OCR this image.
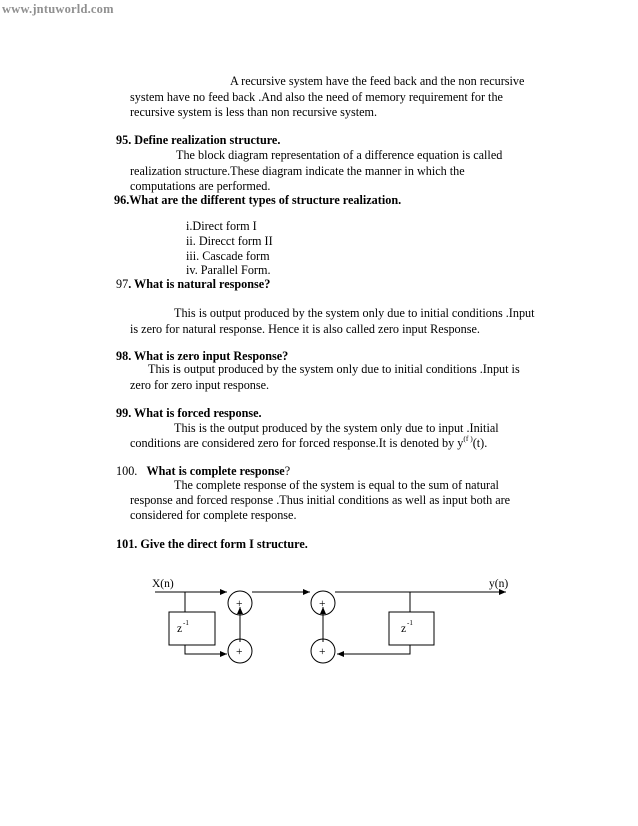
www.jntuworld.com
A recursive system have the feed back and the non recursive
system have no feed back .And also the need of memory requirement for the
recursive system is less than non recursive system.
95. Define realization structure.
The block diagram representation of a difference equation is called
realization structure.These diagram indicate the manner in which the
computations are performed.
96.What are the different types of structure realization.
i.Direct form I
ii. Direcct form II
iii. Cascade form
iv. Parallel Form.
97. What is natural response?
This is output produced by the system only due to initial conditions .Input
is zero for natural response. Hence it is also called zero input Response.
98. What is zero input Response?
This is output produced by the system only due to initial conditions .Input is
zero for zero input response.
99. What is forced response.
This is the output produced by the system only due to input .Initial
conditions are considered zero for forced response.It is denoted by $y^{(f )}(t)$.
100. What is complete response?
The complete response of the system is equal to the sum of natural
response and forced response .Thus initial conditions as well as input both are
considered for complete response.
101. Give the direct form I structure.
X(n)	y(n)
+	+
+	+
z -1	z -1
